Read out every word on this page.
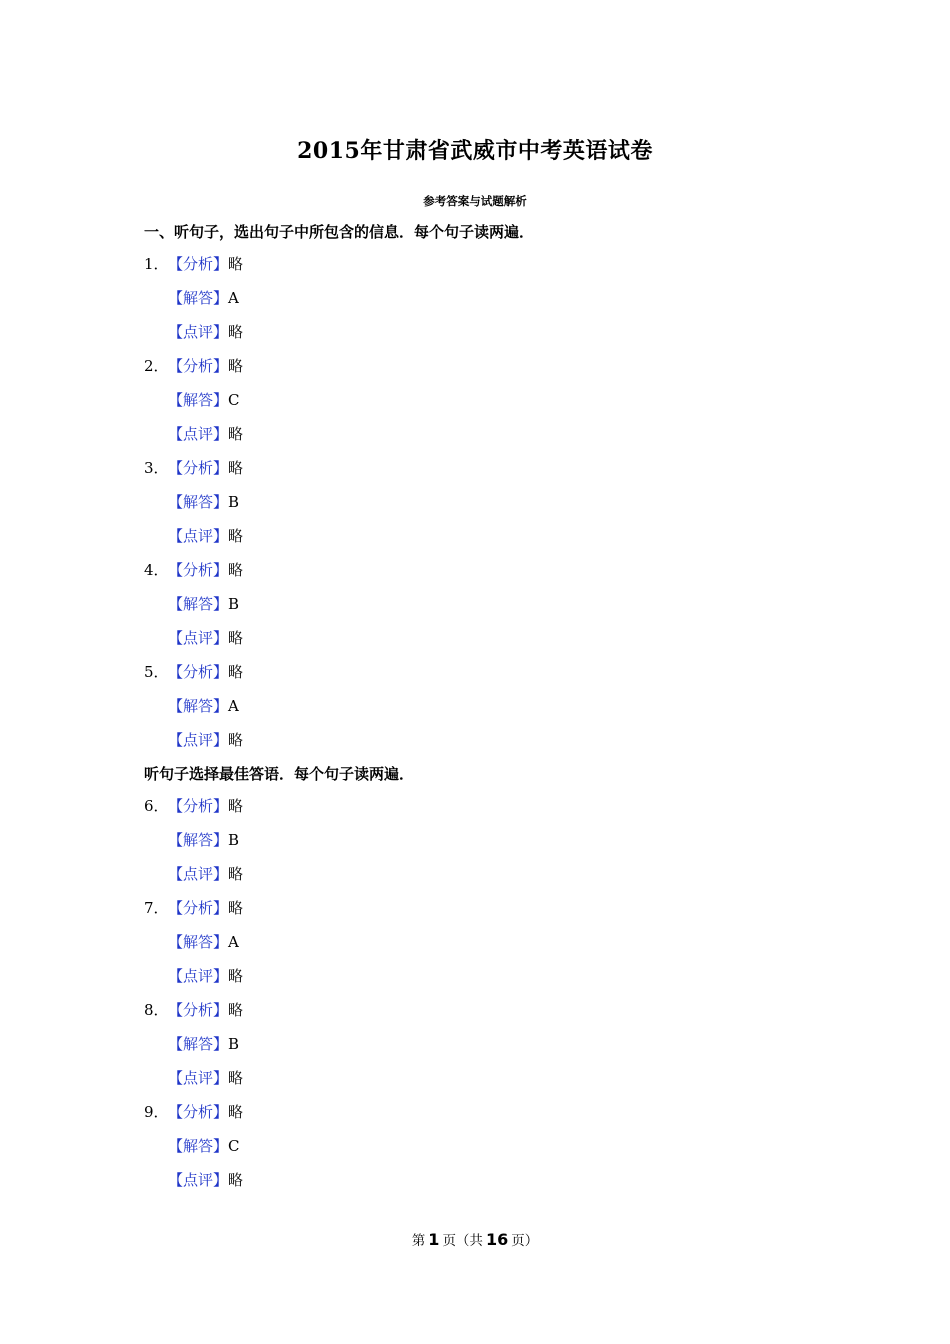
2015年甘肃省武威市中考英语试卷
参考答案与试题解析
一、听句子，选出句子中所包含的信息．每个句子读两遍．
1．【分析】略
【解答】A
【点评】略
2．【分析】略
【解答】C
【点评】略
3．【分析】略
【解答】B
【点评】略
4．【分析】略
【解答】B
【点评】略
5．【分析】略
【解答】A
【点评】略
听句子选择最佳答语．每个句子读两遍．
6．【分析】略
【解答】B
【点评】略
7．【分析】略
【解答】A
【点评】略
8．【分析】略
【解答】B
【点评】略
9．【分析】略
【解答】C
【点评】略
第 1 页（共 16 页）
